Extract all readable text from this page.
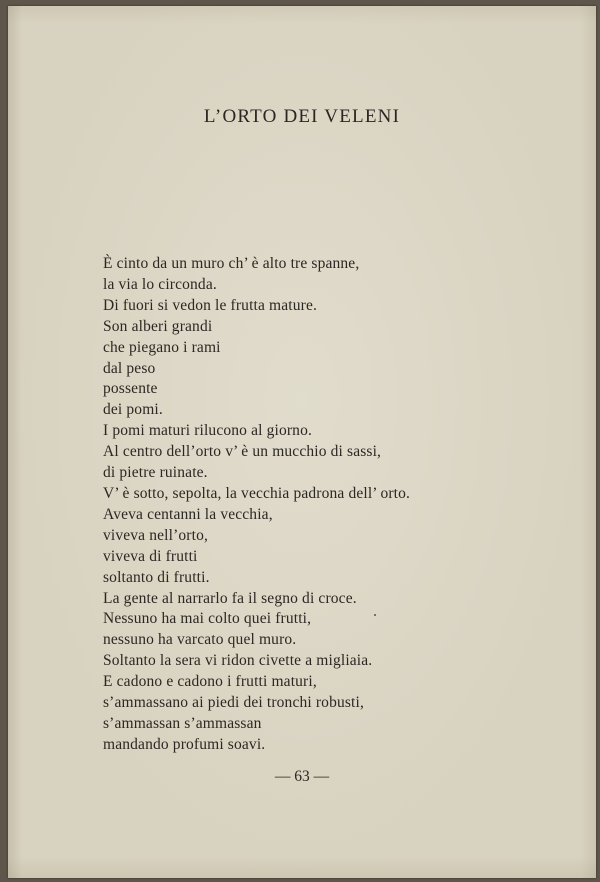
L’ORTO DEI VELENI
È cinto da un muro ch’ è alto tre spanne,
la via lo circonda.
Di fuori si vedon le frutta mature.
Son alberi grandi
che piegano i rami
dal peso
possente
dei pomi.
I pomi maturi rilucono al giorno.
Al centro dell’orto v’ è un mucchio di sassi,
di pietre ruinate.
V’ è sotto, sepolta, la vecchia padrona dell’ orto.
Aveva centanni la vecchia,
viveva nell’orto,
viveva di frutti
soltanto di frutti.
La gente al narrarlo fa il segno di croce.
Nessuno ha mai colto quei frutti,
nessuno ha varcato quel muro.
Soltanto la sera vi ridon civette a migliaia.
E cadono e cadono i frutti maturi,
s’ammassano ai piedi dei tronchi robusti,
s’ammassan s’ammassan
mandando profumi soavi.

— 63 —
